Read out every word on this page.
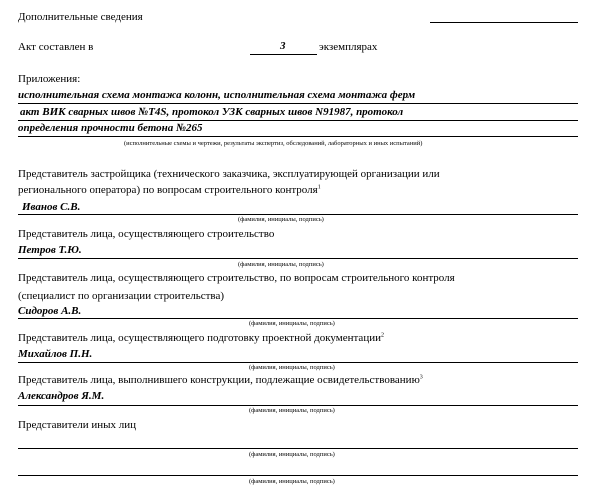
Дополнительные сведения
Акт составлен в	3	экземплярах
Приложения:
исполнительная схема монтажа колонн, исполнительная схема монтажа ферм
акт ВИК сварных швов №Т4S, протокол УЗК сварных швов N91987, протокол
определения прочности бетона №265
(исполнительные схемы и чертежи, результаты экспертиз, обследований, лабораторных и иных испытаний)
Представитель застройщика (технического заказчика, эксплуатирующей организации или
регионального оператора) по вопросам строительного контроля$^1$
Иванов С.В.
(фамилия, инициалы, подпись)
Представитель лица, осуществляющего строительство
Петров Т.Ю.
(фамилия, инициалы, подпись)
Представитель лица, осуществляющего строительство, по вопросам строительного контроля
(специалист по организации строительства)
Сидоров А.В.
(фамилия, инициалы, подпись)
Представитель лица, осуществляющего подготовку проектной документации$^2$
Михайлов П.Н.
(фамилия, инициалы, подпись)
Представитель лица, выполнившего конструкции, подлежащие освидетельствованию$^3$
Александров Я.М.
(фамилия, инициалы, подпись)
Представители иных лиц
(фамилия, инициалы, подпись)
(фамилия, инициалы, подпись)
